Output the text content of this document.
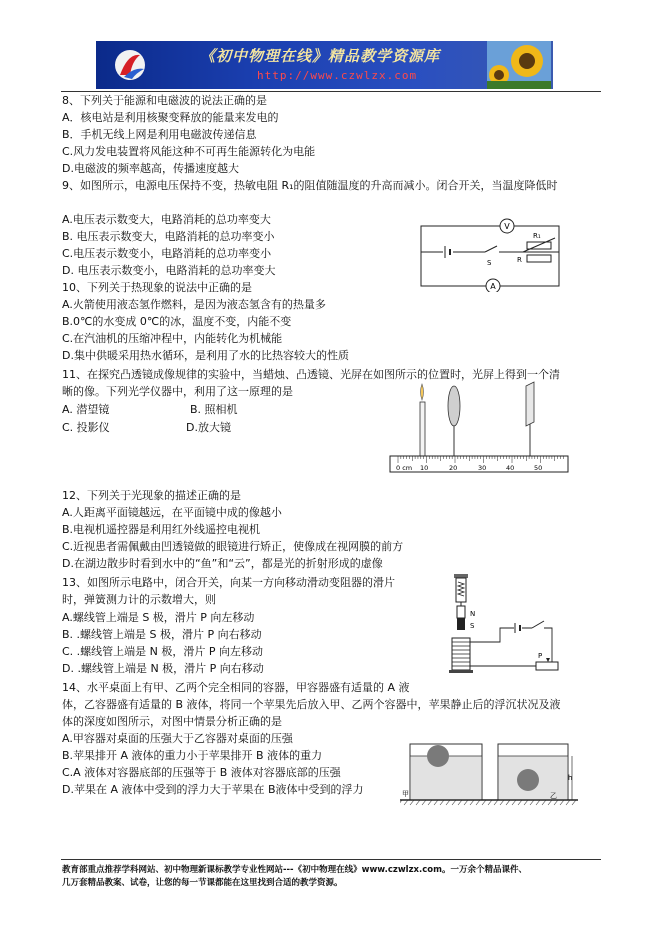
《初中物理在线》精品教学资源库
http://www.czwlzx.com
8、下列关于能源和电磁波的说法正确的是
A．核电站是利用核聚变释放的能量来发电的
B．手机无线上网是利用电磁波传递信息
C.风力发电装置将风能这种不可再生能源转化为电能
D.电磁波的频率越高，传播速度越大
9、如图所示，电源电压保持不变，热敏电阻 R₁的阻值随温度的升高而减小。闭合开关，当温度降低时
A.电压表示数变大，电路消耗的总功率变大
B. 电压表示数变大，电路消耗的总功率变小
C.电压表示数变小，电路消耗的总功率变小
D. 电压表示数变小，电路消耗的总功率变大
V
S
R₁
R
A
10、下列关于热现象的说法中正确的是
A.火箭使用液态氢作燃料，是因为液态氢含有的热量多
B.0℃的水变成 0℃的冰，温度不变，内能不变
C.在汽油机的压缩冲程中，内能转化为机械能
D.集中供暖采用热水循环，是利用了水的比热容较大的性质
11、在探究凸透镜成像规律的实验中，当蜡烛、凸透镜、光屏在如图所示的位置时，光屏上得到一个清
晰的像。下列光学仪器中，利用了这一原理的是
A. 潜望镜	B. 照相机
C. 投影仪	D.放大镜
0 cm 10	20	30	40	50
12、下列关于光现象的描述正确的是
A.人距离平面镜越远，在平面镜中成的像越小
B.电视机遥控器是利用红外线遥控电视机
C.近视患者需佩戴由凹透镜做的眼镜进行矫正，使像成在视网膜的前方
D.在湖边散步时看到水中的“鱼”和“云”，都是光的折射形成的虚像
13、如图所示电路中，闭合开关，向某一方向移动滑动变阻器的滑片
时，弹簧测力计的示数增大，则
A.螺线管上端是 S 极，滑片 P 向左移动
B. .螺线管上端是 S 极，滑片 P 向右移动
C. .螺线管上端是 N 极，滑片 P 向左移动
D. .螺线管上端是 N 极，滑片 P 向右移动
N
S
P
14、水平桌面上有甲、乙两个完全相同的容器，甲容器盛有适量的 A 液
体，乙容器盛有适量的 B 液体，将同一个苹果先后放入甲、乙两个容器中，苹果静止后的浮沉状况及液
体的深度如图所示，对图中情景分析正确的是
A.甲容器对桌面的压强大于乙容器对桌面的压强
B.苹果排开 A 液体的重力小于苹果排开 B 液体的重力
C.A 液体对容器底部的压强等于 B 液体对容器底部的压强
D.苹果在 A 液体中受到的浮力大于苹果在 B液体中受到的浮力	甲	乙
h
教育部重点推荐学科网站、初中物理新课标教学专业性网站---《初中物理在线》www.czwlzx.com。一万余个精品课件、
几万套精品教案、试卷，让您的每一节课都能在这里找到合适的教学资源。
